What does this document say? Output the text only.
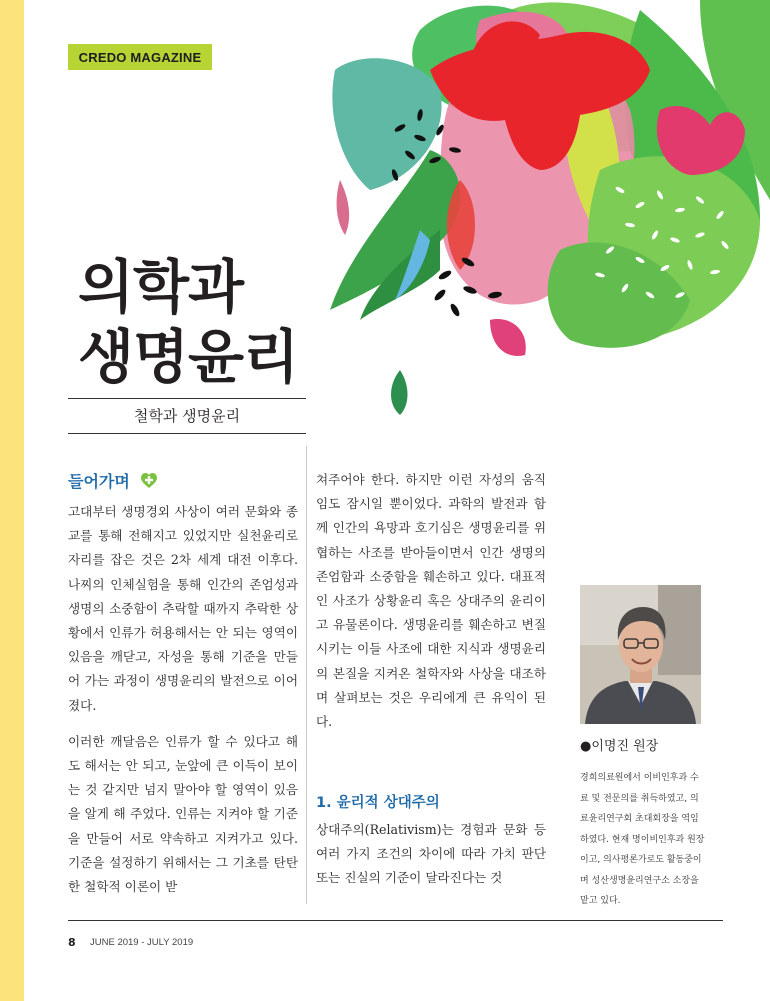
CREDO MAGAZINE
의학과
생명윤리
철학과 생명윤리
들어가며

고대부터 생명경외 사상이 여러 문화와 종교를 통해 전해지고 있었지만 실천윤리로 자리를 잡은 것은 2차 세계 대전 이후다. 나찌의 인체실험을 통해 인간의 존엄성과 생명의 소중함이 추락할 때까지 추락한 상황에서 인류가 허용해서는 안 되는 영역이 있음을 깨닫고, 자성을 통해 기준을 만들어 가는 과정이 생명윤리의 발전으로 이어졌다.

이러한 깨달음은 인류가 할 수 있다고 해도 해서는 안 되고, 눈앞에 큰 이득이 보이는 것 같지만 넘지 말아야 할 영역이 있음을 알게 해 주었다. 인류는 지켜야 할 기준을 만들어 서로 약속하고 지켜가고 있다. 기준을 설정하기 위해서는 그 기초를 탄탄한 철학적 이론이 받

쳐주어야 한다. 하지만 이런 자성의 움직임도 잠시일 뿐이었다. 과학의 발전과 함께 인간의 욕망과 호기심은 생명윤리를 위협하는 사조를 받아들이면서 인간 생명의 존엄함과 소중함을 훼손하고 있다. 대표적인 사조가 상황윤리 혹은 상대주의 윤리이고 유물론이다. 생명윤리를 훼손하고 변질시키는 이들 사조에 대한 지식과 생명윤리의 본질을 지켜온 철학자와 사상을 대조하며 살펴보는 것은 우리에게 큰 유익이 된다.

1. 윤리적 상대주의

상대주의(Relativism)는 경험과 문화 등 여러 가지 조건의 차이에 따라 가치 판단 또는 진실의 기준이 달라진다는 것

●이명진 원장
경희의료원에서 이비인후과 수료 및 전문의를 취득하였고, 의료윤리연구회 초대회장을 역임하였다. 현재 명이비인후과 원장이고, 의사평론가로도 활동중이며 성산생명윤리연구소 소장을 맡고 있다.
8 JUNE 2019 - JULY 2019
